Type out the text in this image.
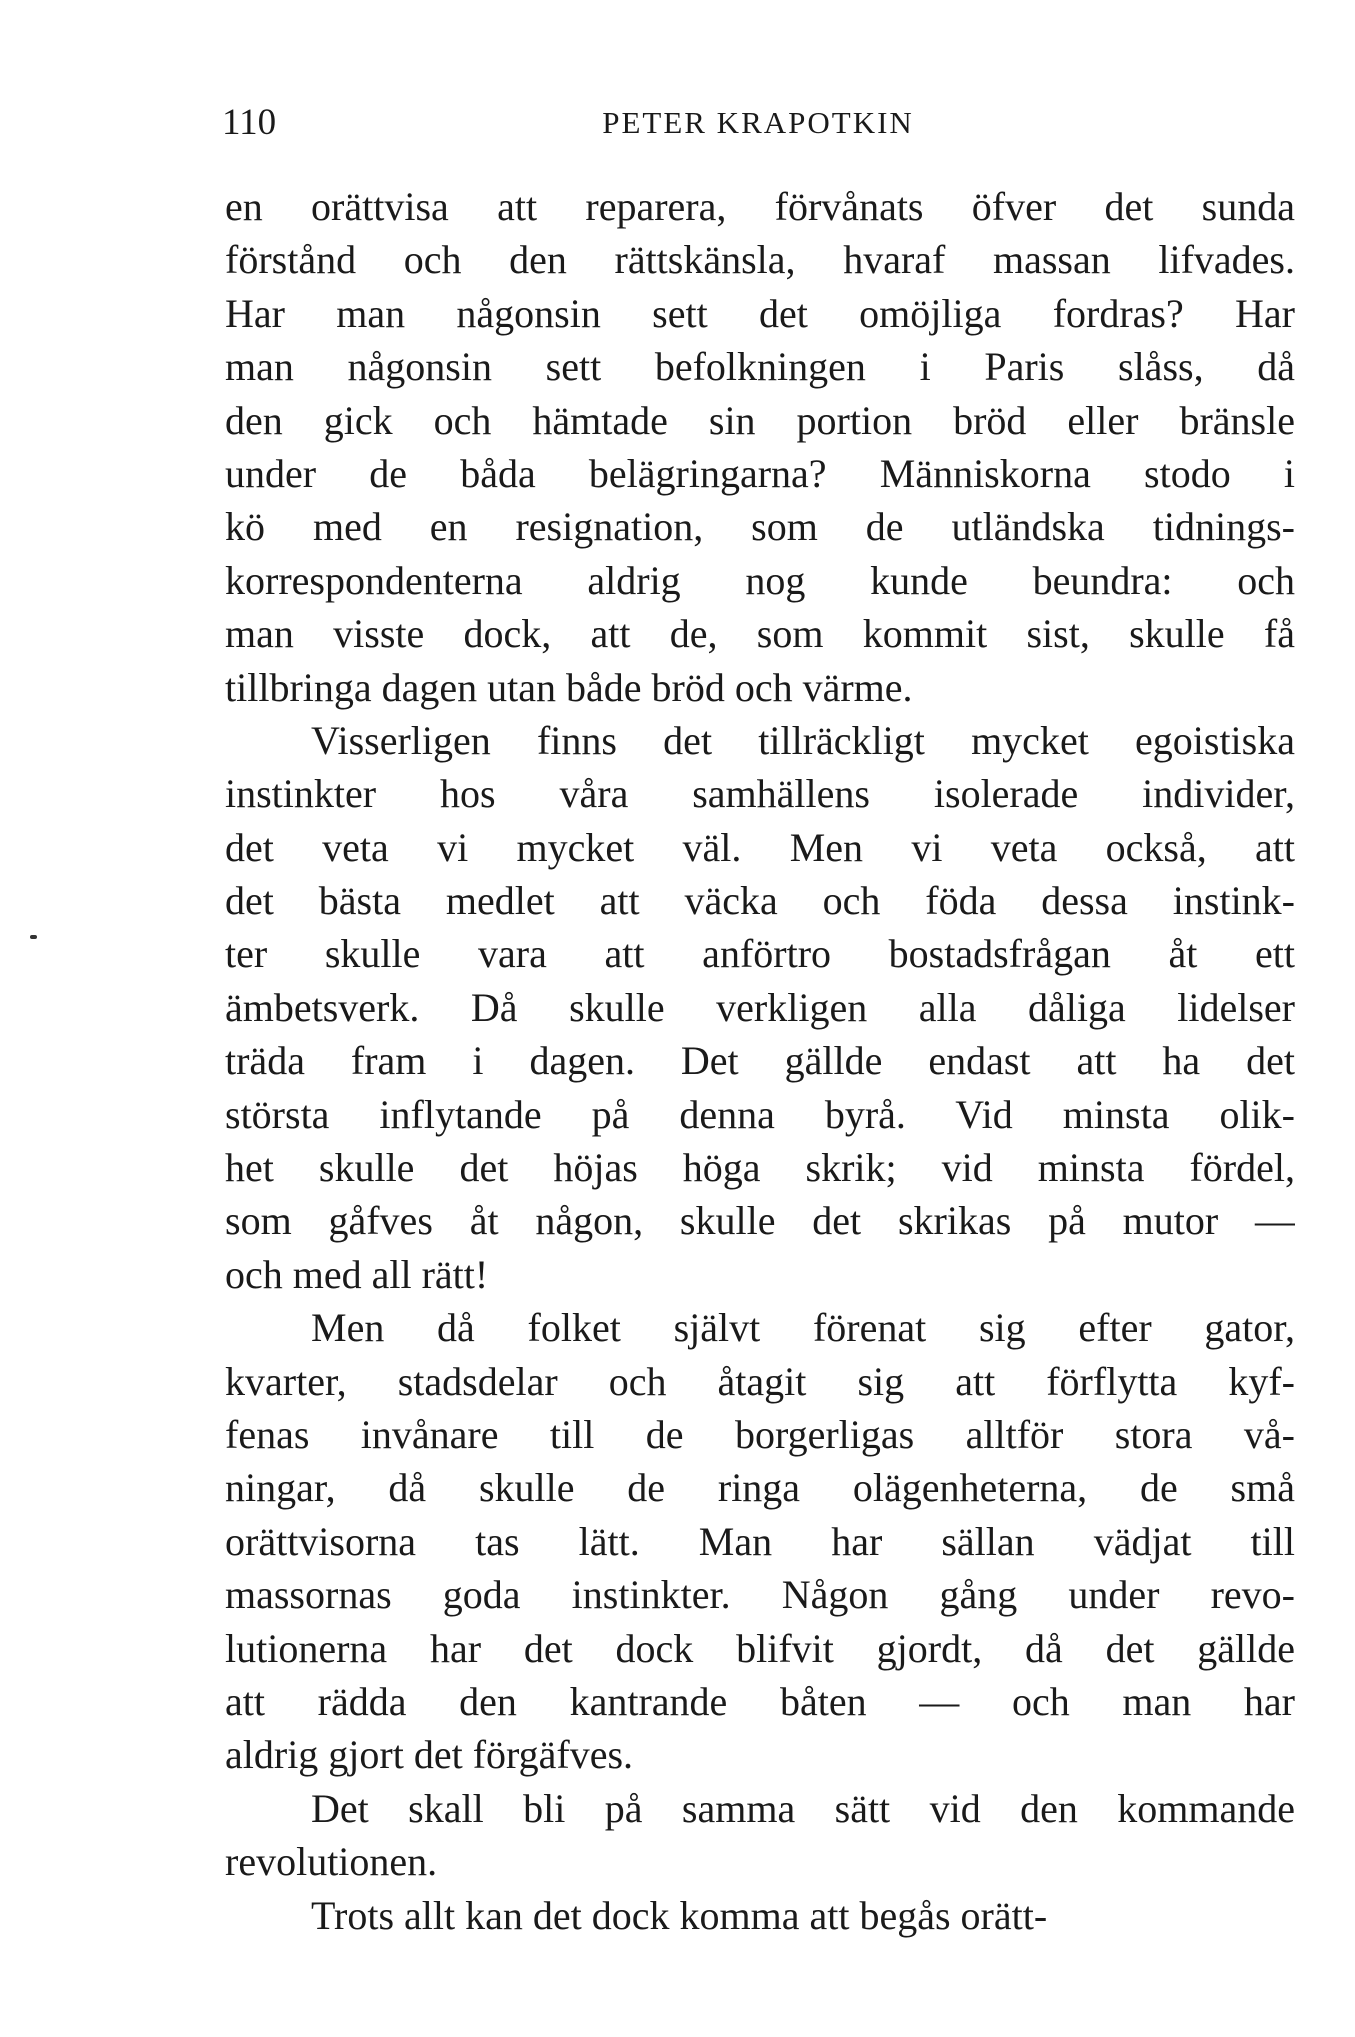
110	PETER KRAPOTKIN
en orättvisa att reparera, förvånats öfver det sunda
förstånd och den rättskänsla, hvaraf massan lifvades.
Har man någonsin sett det omöjliga fordras? Har
man någonsin sett befolkningen i Paris slåss, då
den gick och hämtade sin portion bröd eller bränsle
under de båda belägringarna? Människorna stodo i
kö med en resignation, som de utländska tidnings-
korrespondenterna aldrig nog kunde beundra: och
man visste dock, att de, som kommit sist, skulle få
tillbringa dagen utan både bröd och värme.
Visserligen finns det tillräckligt mycket egoistiska
instinkter hos våra samhällens isolerade individer,
det veta vi mycket väl. Men vi veta också, att
det bästa medlet att väcka och föda dessa instink-
ter skulle vara att anförtro bostadsfrågan åt ett
ämbetsverk. Då skulle verkligen alla dåliga lidelser
träda fram i dagen. Det gällde endast att ha det
största inflytande på denna byrå. Vid minsta olik-
het skulle det höjas höga skrik; vid minsta fördel,
som gåfves åt någon, skulle det skrikas på mutor —
och med all rätt!
Men då folket självt förenat sig efter gator,
kvarter, stadsdelar och åtagit sig att förflytta kyf-
fenas invånare till de borgerligas alltför stora vå-
ningar, då skulle de ringa olägenheterna, de små
orättvisorna tas lätt. Man har sällan vädjat till
massornas goda instinkter. Någon gång under revo-
lutionerna har det dock blifvit gjordt, då det gällde
att rädda den kantrande båten — och man har
aldrig gjort det förgäfves.
Det skall bli på samma sätt vid den kommande
revolutionen.
Trots allt kan det dock komma att begås orätt-
